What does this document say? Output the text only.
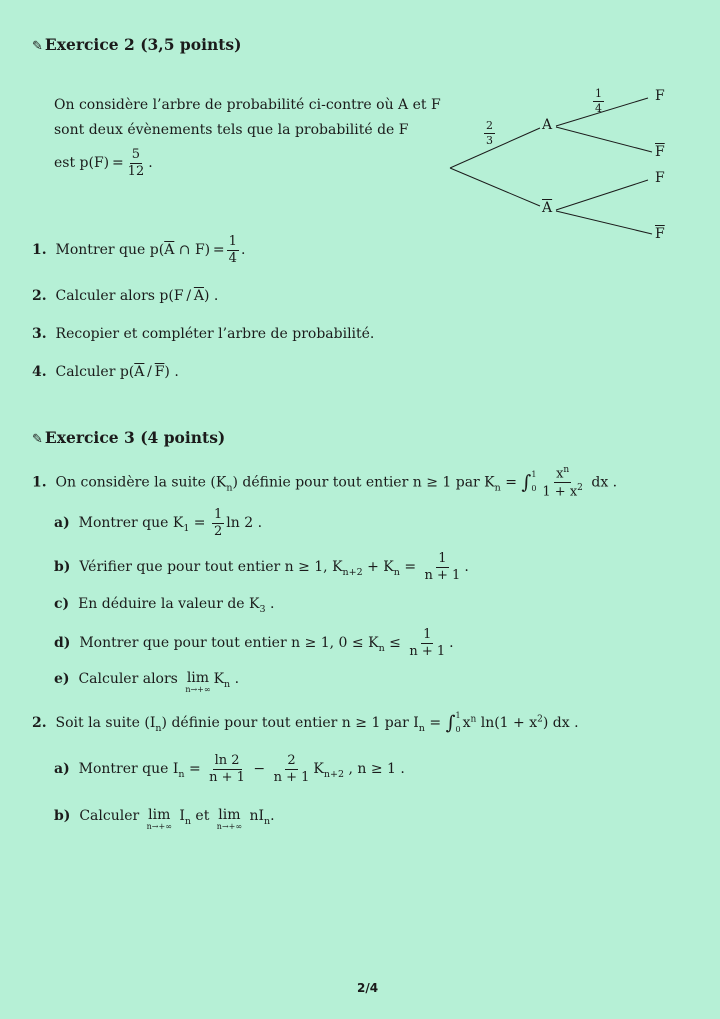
✎ Exercice 2 (3,5 points)
On considère l’arbre de probabilité ci-contre où A et F
sont deux évènements tels que la probabilité de F
est $p(F) = \frac{5}{12}$ .
$\frac{2}{3}$
$\frac{1}{4}$
A
$\overline{A}$
F
$\overline{F}$
F
$\overline{F}$
1. Montrer que $p(\overline{A}$ ∩ $F) = \frac{1}{4}$ .
2. Calculer alors $p(F / \overline{A})$ .
3. Recopier et compléter l’arbre de probabilité.
4. Calculer $p(\overline{A} / \overline{F})$ .
✎ Exercice 3 (4 points)
1. On considère la suite $(K_n)$ définie pour tout entier n ≥ 1 par $K_n$ = ∫ 1
$0 \frac{x^n}{1 + x^2}$ dx .
a) Montrer que $K_1 = \frac{1}{2}$ ln 2 .
b) Vérifier que pour tout entier n ≥ 1, $K_{n+2} + K_n = \frac{1}{n + 1}$ .
c) En déduire la valeur de $K_3$ .
d) Montrer que pour tout entier n ≥ 1, $0 \le K_n \le \frac{1}{n + 1}$ .
e) Calculer alors lim
n→+∞
$K_n$ .
2. Soit la suite $(I_n)$ définie pour tout entier n ≥ 1 par $I_n$ = ∫ 1
0 $x^n$ $\ln(1 + x^2)$ dx .
a) Montrer que $I_n = \frac{\ln 2}{n + 1} - \frac{2}{n + 1} K_{n+2}$ , n ≥ 1 .
b) Calculer lim
n→+∞
$I_n$ et lim
n→+∞
$nI_n$.
2/4
